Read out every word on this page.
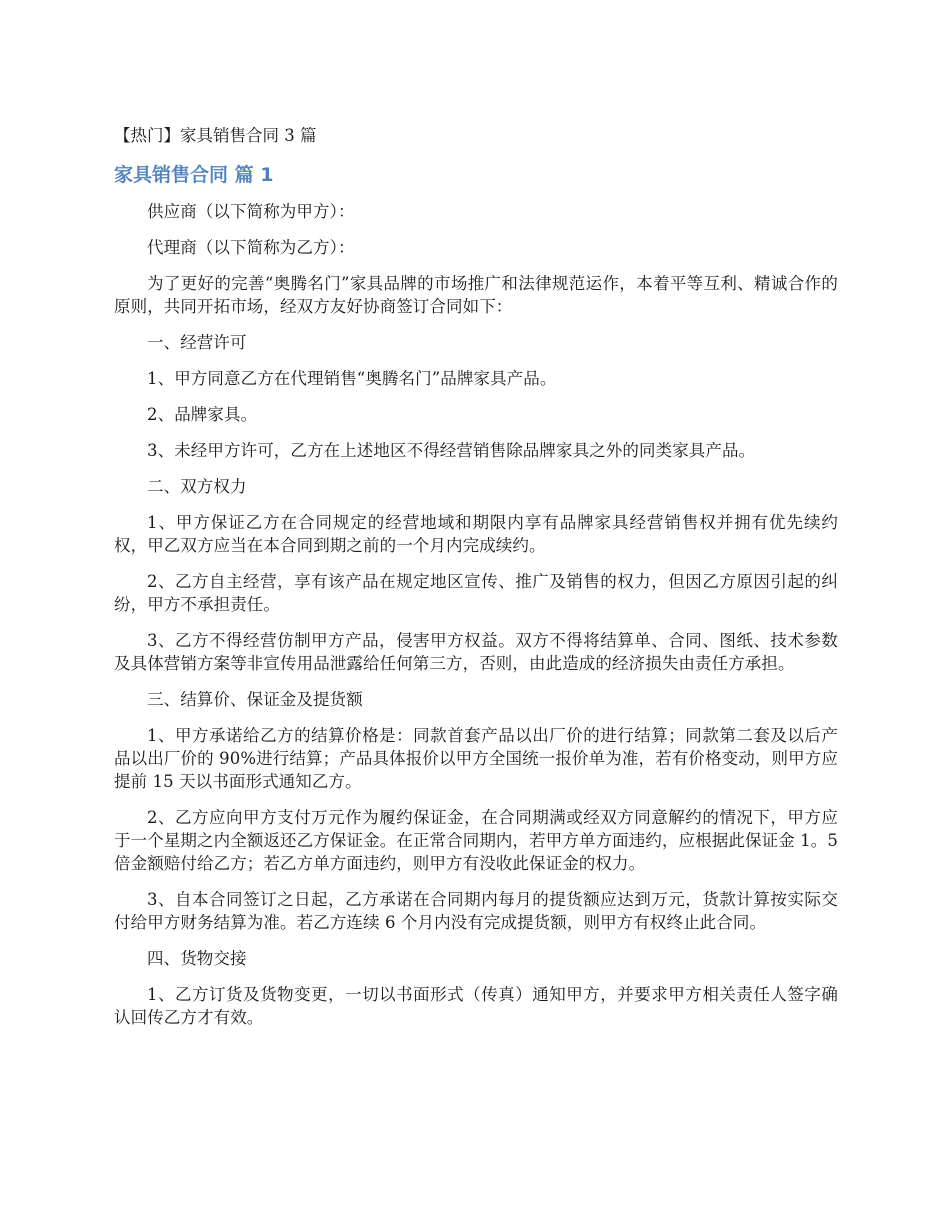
【热门】家具销售合同 3 篇
家具销售合同 篇 1

供应商（以下简称为甲方）：

代理商（以下简称为乙方）：

为了更好的完善“奥腾名门”家具品牌的市场推广和法律规范运作，本着平等互利、精诚合作的原则，共同开拓市场，经双方友好协商签订合同如下：

一、经营许可

1、甲方同意乙方在代理销售“奥腾名门”品牌家具产品。

2、品牌家具。

3、未经甲方许可，乙方在上述地区不得经营销售除品牌家具之外的同类家具产品。

二、双方权力

1、甲方保证乙方在合同规定的经营地域和期限内享有品牌家具经营销售权并拥有优先续约权，甲乙双方应当在本合同到期之前的一个月内完成续约。

2、乙方自主经营，享有该产品在规定地区宣传、推广及销售的权力，但因乙方原因引起的纠纷，甲方不承担责任。

3、乙方不得经营仿制甲方产品，侵害甲方权益。双方不得将结算单、合同、图纸、技术参数及具体营销方案等非宣传用品泄露给任何第三方，否则，由此造成的经济损失由责任方承担。

三、结算价、保证金及提货额

1、甲方承诺给乙方的结算价格是：同款首套产品以出厂价的进行结算；同款第二套及以后产品以出厂价的 90%进行结算；产品具体报价以甲方全国统一报价单为准，若有价格变动，则甲方应提前 15 天以书面形式通知乙方。

2、乙方应向甲方支付万元作为履约保证金，在合同期满或经双方同意解约的情况下，甲方应于一个星期之内全额返还乙方保证金。在正常合同期内，若甲方单方面违约，应根据此保证金 1。5 倍金额赔付给乙方；若乙方单方面违约，则甲方有没收此保证金的权力。

3、自本合同签订之日起，乙方承诺在合同期内每月的提货额应达到万元，货款计算按实际交付给甲方财务结算为准。若乙方连续 6 个月内没有完成提货额，则甲方有权终止此合同。

四、货物交接

1、乙方订货及货物变更，一切以书面形式（传真）通知甲方，并要求甲方相关责任人签字确认回传乙方才有效。
